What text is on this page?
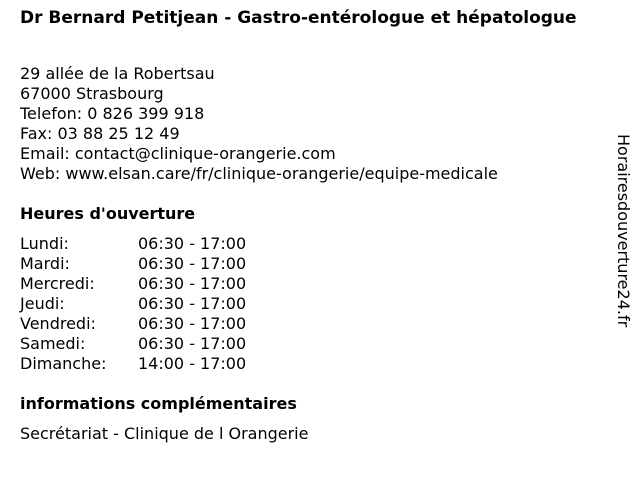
Dr Bernard Petitjean - Gastro-entérologue et hépatologue
29 allée de la Robertsau
67000 Strasbourg
Telefon: 0 826 399 918
Fax: 03 88 25 12 49
Email: contact@clinique-orangerie.com
Web: www.elsan.care/fr/clinique-orangerie/equipe-medicale
Heures d'ouverture
Lundi:	06:30 - 17:00
Mardi:	06:30 - 17:00
Mercredi:	06:30 - 17:00
Jeudi:	06:30 - 17:00
Vendredi:	06:30 - 17:00
Samedi:	06:30 - 17:00
Dimanche: 14:00 - 17:00
informations complémentaires
Secrétariat - Clinique de l Orangerie
Horairesdouverture24.fr
